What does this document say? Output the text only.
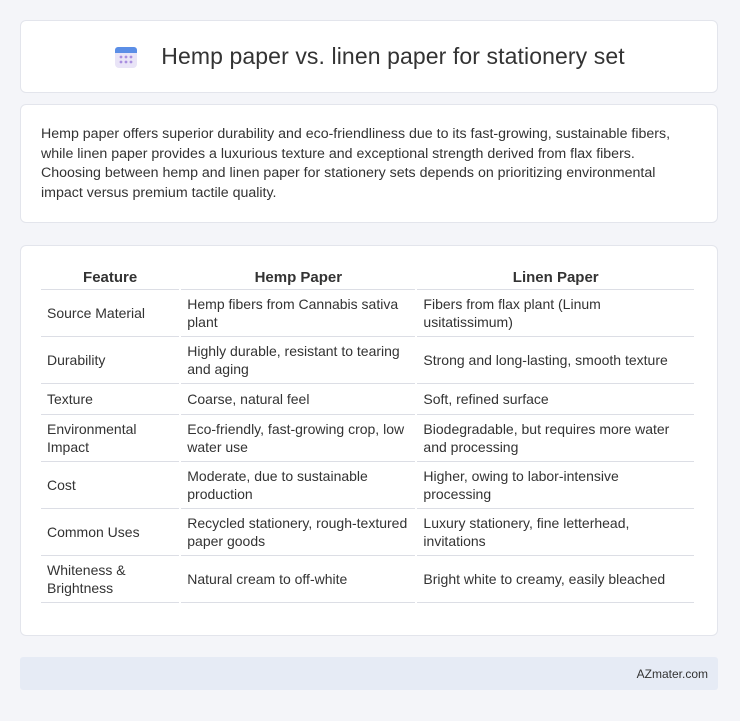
Hemp paper vs. linen paper for stationery set

Hemp paper offers superior durability and eco-friendliness due to its fast-growing, sustainable fibers, while linen paper provides a luxurious texture and exceptional strength derived from flax fibers. Choosing between hemp and linen paper for stationery sets depends on prioritizing environmental impact versus premium tactile quality.

Feature	Hemp Paper	Linen Paper
Source Material	Hemp fibers from Cannabis sativa plant	Fibers from flax plant (Linum usitatissimum)
Durability	Highly durable, resistant to tearing and aging	Strong and long-lasting, smooth texture
Texture	Coarse, natural feel	Soft, refined surface
Environmental Impact	Eco-friendly, fast-growing crop, low water use	Biodegradable, but requires more water and processing
Cost	Moderate, due to sustainable production	Higher, owing to labor-intensive processing
Common Uses	Recycled stationery, rough-textured paper goods	Luxury stationery, fine letterhead, invitations
Whiteness & Brightness	Natural cream to off-white	Bright white to creamy, easily bleached
AZmater.com
